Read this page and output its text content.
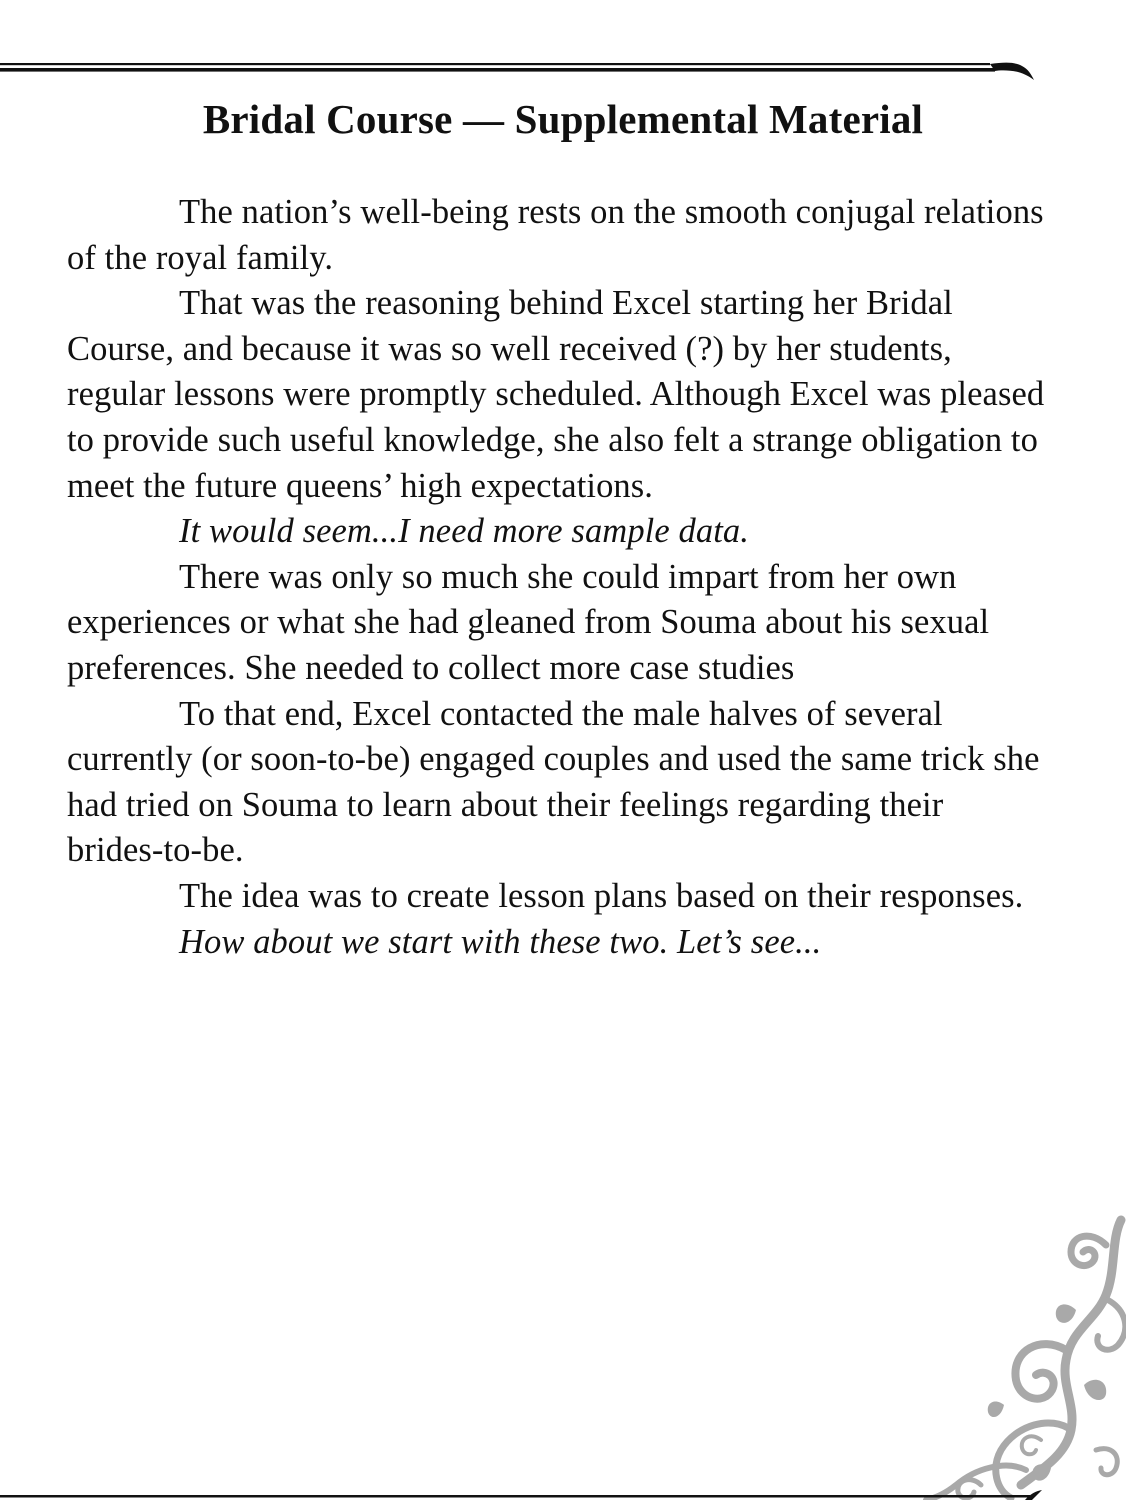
Bridal Course — Supplemental Material

The nation’s well-being rests on the smooth conjugal relations of the royal family.

That was the reasoning behind Excel starting her Bridal Course, and because it was so well received (?) by her students, regular lessons were promptly scheduled. Although Excel was pleased to provide such useful knowledge, she also felt a strange obligation to meet the future queens’ high expectations.

It would seem...I need more sample data.

There was only so much she could impart from her own experiences or what she had gleaned from Souma about his sexual preferences. She needed to collect more case studies

To that end, Excel contacted the male halves of several currently (or soon-to-be) engaged couples and used the same trick she had tried on Souma to learn about their feelings regarding their brides-to-be.

The idea was to create lesson plans based on their responses.

How about we start with these two. Let’s see...
